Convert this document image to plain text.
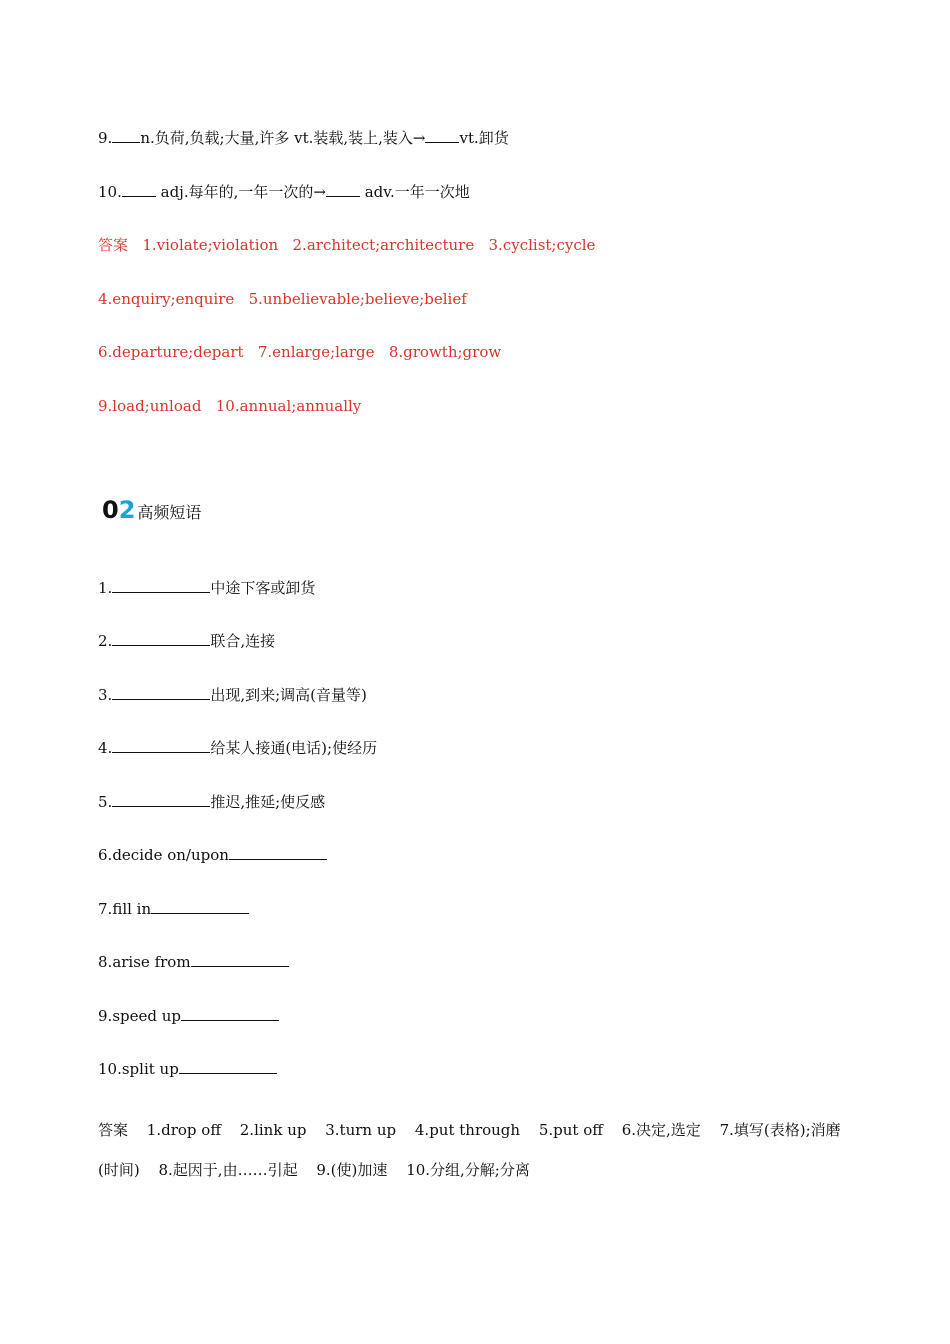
9. n.负荷,负载;大量,许多 vt.装载,装上,装入→ vt.卸货
10.	adj.每年的,一年一次的→	adv.一年一次地
答案 1.violate;violation 2.architect;architecture 3.cyclist;cycle
4.enquiry;enquire 5.unbelievable;believe;belief
6.departure;depart 7.enlarge;large 8.growth;grow
9.load;unload 10.annual;annually
02 高频短语
1.	中途下客或卸货
2.	联合,连接
3.	出现,到来;调高(音量等)
4.	给某人接通(电话);使经历
5.	推迟,推延;使反感
6.decide on/upon
7.fill in
8.arise from
9.speed up
10.split up
答案 1.drop off 2.link up 3.turn up 4.put through 5.put off 6.决定,选定 7.填写(表格);消磨(时间) 8.起因于,由……引起 9.(使)加速 10.分组,分解;分离
